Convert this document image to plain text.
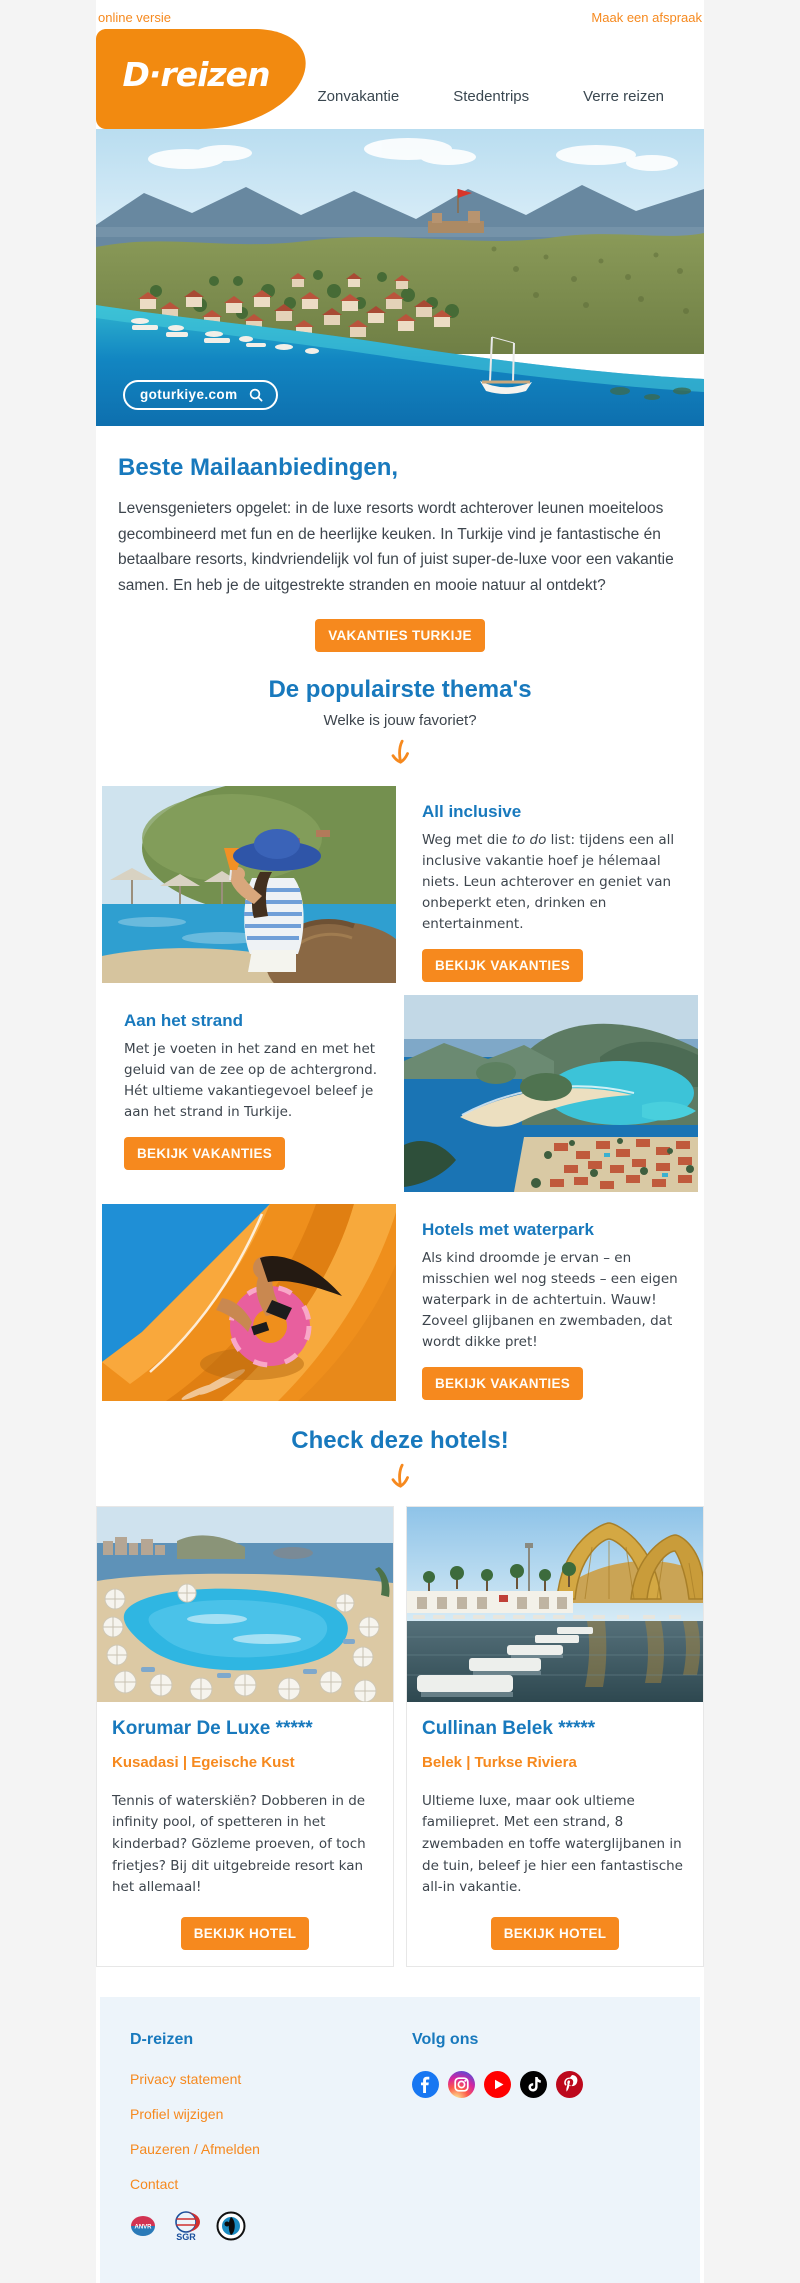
online versie	Maak een afspraak
D·reizen
Zonvakantie	Stedentrips	Verre reizen
goturkiye.com
Beste Mailaanbiedingen,

Levensgenieters opgelet: in de luxe resorts wordt achterover leunen moeiteloos gecombineerd met fun en de heerlijke keuken. In Turkije vind je fantastische én betaalbare resorts, kindvriendelijk vol fun of juist super-de-luxe voor een vakantie samen. En heb je de uitgestrekte stranden en mooie natuur al ontdekt?

VAKANTIES TURKIJE
De populairste thema's

Welke is jouw favoriet?

All inclusive

Weg met die to do list: tijdens een all inclusive vakantie hoef je hélemaal niets. Leun achterover en geniet van onbeperkt eten, drinken en entertainment.

BEKIJK VAKANTIES
Aan het strand

Met je voeten in het zand en met het geluid van de zee op de achtergrond. Hét ultieme vakantiegevoel beleef je aan het strand in Turkije.

BEKIJK VAKANTIES
Hotels met waterpark

Als kind droomde je ervan – en misschien wel nog steeds – een eigen waterpark in de achtertuin. Wauw! Zoveel glijbanen en zwembaden, dat wordt dikke pret!

BEKIJK VAKANTIES
Check deze hotels!
Korumar De Luxe *****
Kusadasi | Egeische Kust

Tennis of waterskiën? Dobberen in de infinity pool, of spetteren in het kinderbad? Gözleme proeven, of toch frietjes? Bij dit uitgebreide resort kan het allemaal!

BEKIJK HOTEL
Cullinan Belek *****
Belek | Turkse Riviera

Ultieme luxe, maar ook ultieme familiepret. Met een strand, 8 zwembaden en toffe waterglijbanen in de tuin, beleef je hier een fantastische all-in vakantie.

BEKIJK HOTEL
D-reizen
Privacy statement
Profiel wijzigen
Pauzeren / Afmelden
Contact
ANVR
SGR
Volg ons
